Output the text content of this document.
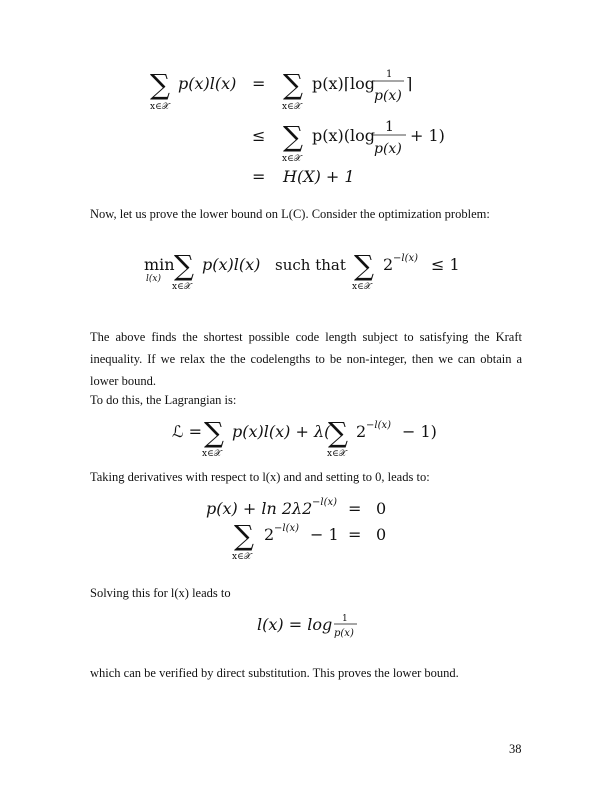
∑
x∈𝒳
p(x)l(x) = ∑
x∈𝒳
p(x)⌈log 1
p(x)
⌉
≤ ∑
x∈𝒳
p(x)(log 1
p(x)
+ 1)
= H(X) + 1
Now, let us prove the lower bound on L(C). Consider the optimization problem:
min
l(x) ∑
x∈𝒳
p(x)l(x) such that ∑
x∈𝒳
2 −l(x) ≤ 1
The above finds the shortest possible code length subject to satisfying the Kraft inequality. If we relax the the codelengths to be non-integer, then we can obtain a lower bound.
To do this, the Lagrangian is:
ℒ = ∑
x∈𝒳
p(x)l(x) + λ(
∑
x∈𝒳
2 −l(x) − 1)
Taking derivatives with respect to l(x) and and setting to 0, leads to:
p(x) + ln 2λ2 −l(x) = 0
∑
x∈𝒳
2 −l(x) − 1 = 0
Solving this for l(x) leads to
l(x) = log 1
p(x)
which can be verified by direct substitution. This proves the lower bound.
38
